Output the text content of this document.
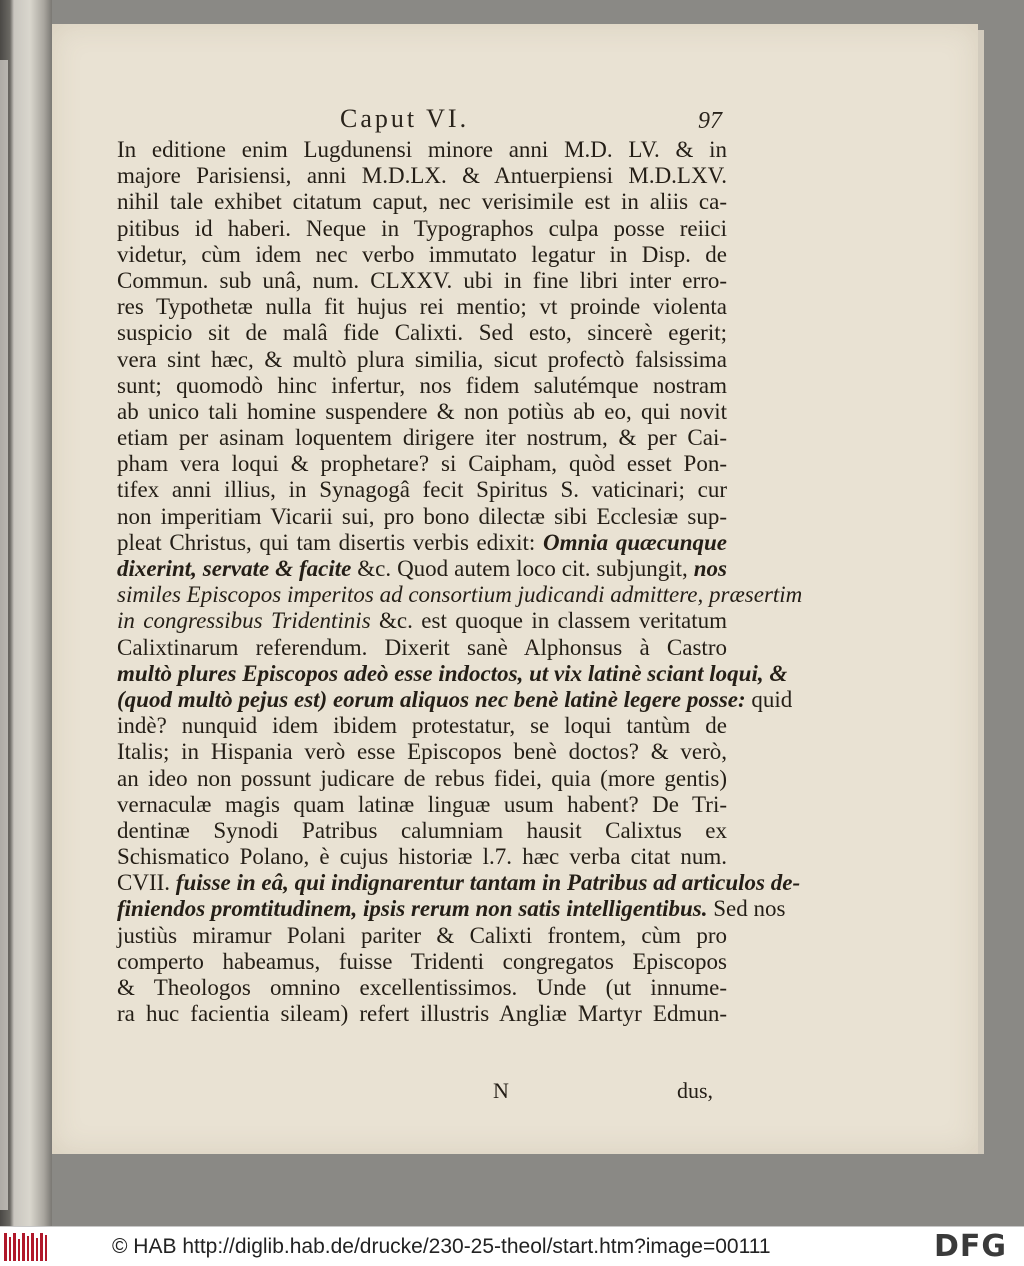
Caput VI.	97
In editione enim Lugdunensi minore anni M.D. LV. & in
majore Parisiensi, anni M.D.LX. & Antuerpiensi M.D.LXV.
nihil tale exhibet citatum caput, nec verisimile est in aliis ca-
pitibus id haberi. Neque in Typographos culpa posse reiici
videtur, cùm idem nec verbo immutato legatur in Disp. de
Commun. sub unâ, num. CLXXV. ubi in fine libri inter erro-
res Typothetæ nulla fit hujus rei mentio; vt proinde violenta
suspicio sit de malâ fide Calixti. Sed esto, sincerè egerit;
vera sint hæc, & multò plura similia, sicut profectò falsissima
sunt; quomodò hinc infertur, nos fidem salutémque nostram
ab unico tali homine suspendere & non potiùs ab eo, qui novit
etiam per asinam loquentem dirigere iter nostrum, & per Cai-
pham vera loqui & prophetare? si Caipham, quòd esset Pon-
tifex anni illius, in Synagogâ fecit Spiritus S. vaticinari; cur
non imperitiam Vicarii sui, pro bono dilectæ sibi Ecclesiæ sup-
pleat Christus, qui tam disertis verbis edixit: Omnia quæcunque
dixerint, servate & facite &c. Quod autem loco cit. subjungit, nos
similes Episcopos imperitos ad consortium judicandi admittere, præsertim
in congressibus Tridentinis &c. est quoque in classem veritatum
Calixtinarum referendum. Dixerit sanè Alphonsus à Castro
multò plures Episcopos adeò esse indoctos, ut vix latinè sciant loqui, &
(quod multò pejus est) eorum aliquos nec benè latinè legere posse: quid
indè? nunquid idem ibidem protestatur, se loqui tantùm de
Italis; in Hispania verò esse Episcopos benè doctos? & verò,
an ideo non possunt judicare de rebus fidei, quia (more gentis)
vernaculæ magis quam latinæ linguæ usum habent? De Tri-
dentinæ Synodi Patribus calumniam hausit Calixtus ex
Schismatico Polano, è cujus historiæ l.7. hæc verba citat num.
CVII. fuisse in eâ, qui indignarentur tantam in Patribus ad articulos de-
finiendos promtitudinem, ipsis rerum non satis intelligentibus. Sed nos
justiùs miramur Polani pariter & Calixti frontem, cùm pro
comperto habeamus, fuisse Tridenti congregatos Episcopos
& Theologos omnino excellentissimos. Unde (ut innume-
ra huc facientia sileam) refert illustris Angliæ Martyr Edmun-
N	dus,
© HAB http://diglib.hab.de/drucke/230-25-theol/start.htm?image=00111	DFG
